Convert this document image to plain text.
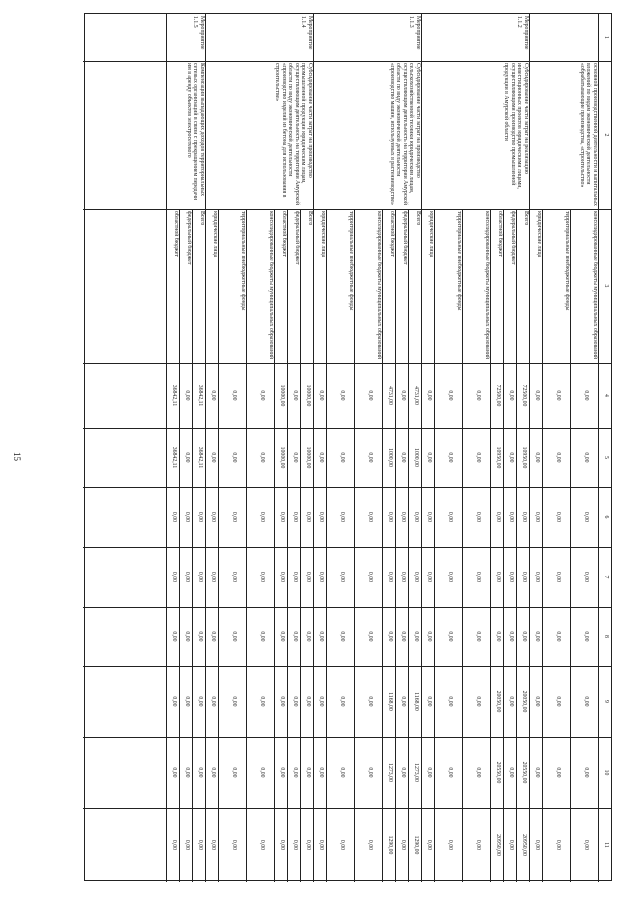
15
1
2
3
4
5
6
7
8
9
10
11
консолидированные бюджеты муниципальных образований
0,00
0,00
0,00
0,00
0,00
0,00
0,00
0,00
территориальные внебюджетные фонды
0,00
0,00
0,00
0,00
0,00
0,00
0,00
0,00
юридические лица
0,00
0,00
0,00
0,00
0,00
0,00
0,00
0,00
основной производственной деятельности и капитальных вложений по видам экономической деятельности «обрабатывающие производства, «строительство»
Всего
72500,00
10950,00
0,00
0,00
0,00
20050,00
20550,00
20950,00
федеральный бюджет
0,00
0,00
0,00
0,00
0,00
0,00
0,00
0,00
областной бюджет
72500,00
10950,00
0,00
0,00
0,00
20050,00
20550,00
20950,00
консолидированные бюджеты муниципальных образований
0,00
0,00
0,00
0,00
0,00
0,00
0,00
0,00
территориальные внебюджетные фонды
0,00
0,00
0,00
0,00
0,00
0,00
0,00
0,00
юридические лица
0,00
0,00
0,00
0,00
0,00
0,00
0,00
0,00
Мероприятие 1.1.2
Субсидирование части затрат на реализацию инвестиционных проектов юридическими лицами, осуществляющими производство промышленной продукции в Амурской области
Всего
4731,00
1000,00
0,00
0,00
0,00
1168,00
1273,00
1290,00
федеральный бюджет
0,00
0,00
0,00
0,00
0,00
0,00
0,00
0,00
областной бюджет
4731,00
1000,00
0,00
0,00
0,00
1168,00
1273,00
1290,00
консолидированные бюджеты муниципальных образований
0,00
0,00
0,00
0,00
0,00
0,00
0,00
0,00
территориальные внебюджетные фонды
0,00
0,00
0,00
0,00
0,00
0,00
0,00
0,00
юридические лица
0,00
0,00
0,00
0,00
0,00
0,00
0,00
0,00
Мероприятие 1.1.3
Субсидирование части затрат на производство сельскохозяйственной техники юридическим лицам, осуществляющим деятельность на территории Амурской области по виду экономической деятельности «производство машин, используемых в растениеводстве»
Всего
10000,00
10000,00
0,00
0,00
0,00
0,00
0,00
0,00
федеральный бюджет
0,00
0,00
0,00
0,00
0,00
0,00
0,00
0,00
областной бюджет
10000,00
10000,00
0,00
0,00
0,00
0,00
0,00
0,00
консолидированные бюджеты муниципальных образований
0,00
0,00
0,00
0,00
0,00
0,00
0,00
0,00
территориальные внебюджетные фонды
0,00
0,00
0,00
0,00
0,00
0,00
0,00
0,00
юридические лица
0,00
0,00
0,00
0,00
0,00
0,00
0,00
0,00
Мероприятие 1.1.4
Субсидирование части затрат на производство промышленной продукции юридическим лицам, осуществляющим деятельность на территории Амурской области по виду экономической деятельности «производство изделий из бетона для использования в строительстве»
Всего
36842,11
36842,11
0,00
0,00
0,00
0,00
0,00
0,00
федеральный бюджет
0,00
0,00
0,00
0,00
0,00
0,00
0,00
0,00
областной бюджет
36842,11
36842,11
0,00
0,00
0,00
0,00
0,00
0,00
Мероприятие 1.1.5
Компенсация выпадающих доходов территориальных сетевых организаций в связи с прекращением передачи им в аренду объектов электросетевого
